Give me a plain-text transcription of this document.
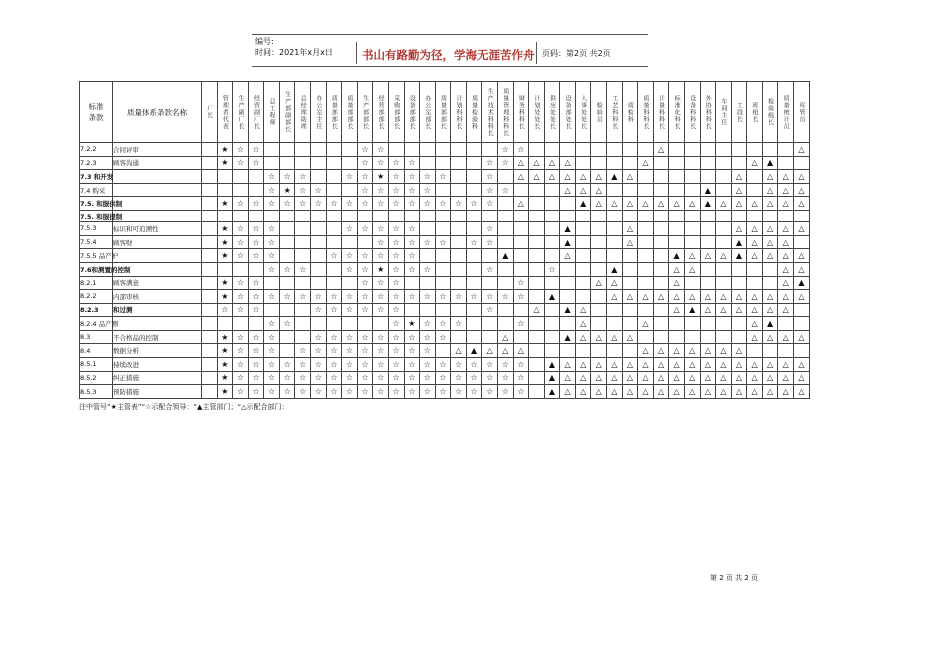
编号:
时间：2021年x月x日	书山有路勤为径，学海无涯苦作舟 页码：第2页 共2页
标准
条款	质量体系条款名称	厂长	管理者代表	生产副厂长	经营副厂长	总工程师	生产部副部长	总经理助理	办公室主任	质量部部长	质量部部长	生产部部长	经营部部长	采购部部长	设备部部长	办公室部长	质量部部长	计划科科长	质量检验科	生产技术科科长	质量管理科科长	财务科科长	计划处处长	供应处处长	设备部处长	人事处处长	检验员	工艺科科长	质检科	质量科科长	计量科科长	标准化科长	设备科科长	外协科科长	车间主任	工段长	班组长	检验组长	质量统计员	库管员

7.2.2	合同评审		★	☆	☆							☆	☆								☆	☆									△									△
7.2.3	顾客沟通		★	☆	☆							☆	☆	☆	☆					☆	☆	△	△	△	△					△							△	▲		
7.3 和开发						☆	☆	☆			☆	☆	★	☆	☆	☆	☆			☆		△	△	△	△	△	△	▲	△							△		△	△	△
7.4 购采						☆	★	☆	☆			☆	☆	☆	☆	☆				☆	☆				△	△	△							▲		△		△	△	△
7.5. 和服供制			★	☆	☆	☆	☆	☆	☆	☆	☆	☆	☆	☆	☆	☆	☆	☆	☆	☆		△				▲	△	△	△	△	△	△	△	▲	△	△	△	△	△	△
7.5. 和服提制																																								
7.5.3	标识和可追溯性		★	☆	☆	☆					☆	☆	☆	☆	☆					☆					▲				△							△	△	△	△	△
7.5.4	顾客财		★	☆	☆	☆							☆	☆	☆	☆	☆		☆	☆					▲				△							▲	△	△	△	
7.5.5 品产护			★	☆	☆	☆				☆	☆	☆	☆	☆	☆						▲				△							▲	△	△	△	▲	△	△	△	△
7.6和测置的控制						☆	☆	☆			☆	☆	★	☆	☆	☆				☆				☆				▲				△	△						△	△
8.2.1	顾客满意		★	☆	☆							☆	☆	☆								☆					△	△				△							△	▲
8.2.2	内部审核		★	☆	☆	☆	☆	☆	☆	☆	☆	☆	☆	☆	☆	☆	☆	☆	☆	☆	☆	☆		▲				△	△	△	△	△	△	△	△	△	△	△	△	△
8.2.3	和过测		☆	☆	☆				☆	☆	☆	☆	☆	☆						☆			△		▲	△						△	▲	△	△	△	△	△	△	
8.2.4 品产测						☆	☆							☆	★	☆	☆	☆				☆				△				△							△	▲		
8.3	不合格品的控制		★	☆	☆	☆			☆	☆	☆	☆	☆	☆	☆	☆	☆				△				▲	△	△	△	△								△	△	△	△
8.4	数据分析		★	☆	☆	☆		☆	☆	☆	☆	☆	☆	☆	☆	☆		△	▲	△	△	△								△	△	△	△	△	△	△				
8.5.1	持续改进		★	☆	☆	☆	☆	☆	☆	☆	☆	☆	☆	☆	☆	☆	☆	☆	☆	☆	☆	☆		▲	△	△	△	△	△	△	△	△	△	△	△	△	△	△	△	△
8.5.2	纠正措施		★	☆	☆	☆	☆	☆	☆	☆	☆	☆	☆	☆	☆	☆	☆	☆	☆	☆	☆	☆		▲	△	△	△	△	△	△	△	△	△	△	△	△	△	△	△	△
8.5.3	预防措施		★	☆	☆	☆	☆	☆	☆	☆	☆	☆	☆	☆	☆	☆	☆	☆	☆	☆	☆	☆		▲	△	△	△	△	△	△	△	△	△	△	△	△	△	△	△	△
注中管号“★主管表”“☆示配合领导：“▲主管部门；“△示配合部门：
第 2 页 共 2 页
